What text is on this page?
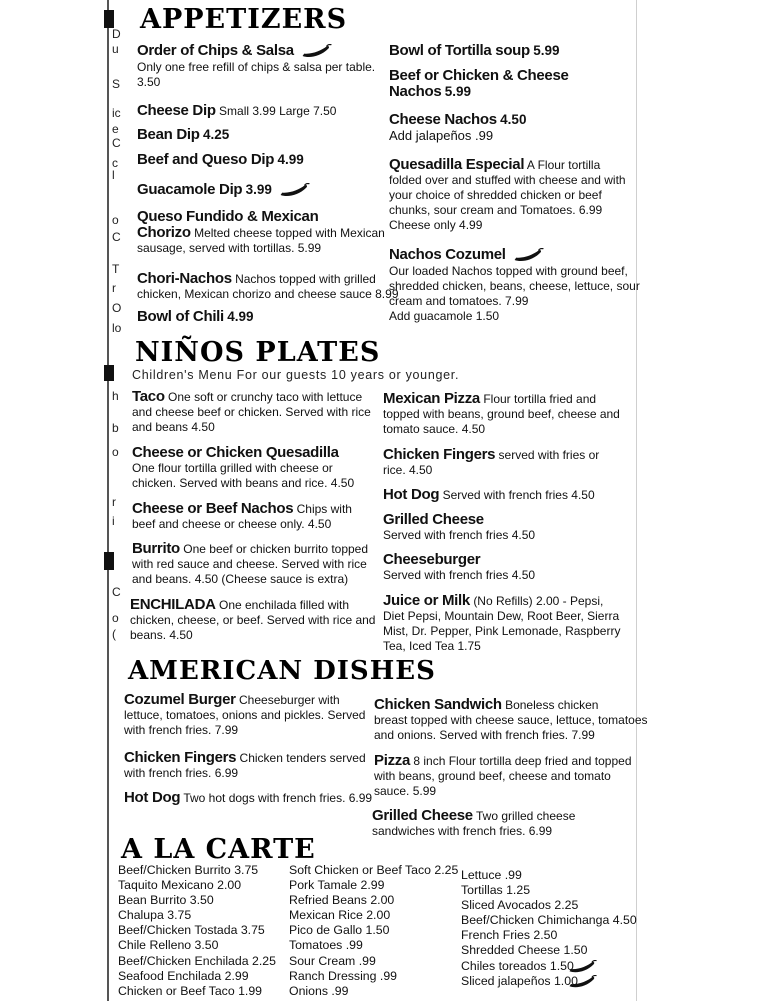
D
u
S
ic
e
C
c
l
o
C
T
r
O
lo
h
b
o
r
i
C
o
(
APPETIZERS
Order of Chips & Salsa
Only one free refill of chips & salsa per table.
3.50
Cheese Dip Small 3.99 Large 7.50
Bean Dip 4.25
Beef and Queso Dip 4.99
Guacamole Dip 3.99
Queso Fundido & Mexican
Chorizo Melted cheese topped with Mexican
sausage, served with tortillas. 5.99
Chori-Nachos Nachos topped with grilled
chicken, Mexican chorizo and cheese sauce 8.99
Bowl of Chili 4.99
Bowl of Tortilla soup 5.99
Beef or Chicken & Cheese
Nachos 5.99
Cheese Nachos 4.50
Add jalapeños .99
Quesadilla Especial A Flour tortilla
folded over and stuffed with cheese and with
your choice of shredded chicken or beef
chunks, sour cream and Tomatoes. 6.99
Cheese only 4.99
Nachos Cozumel
Our loaded Nachos topped with ground beef,
shredded chicken, beans, cheese, lettuce, sour
cream and tomatoes. 7.99
Add guacamole 1.50
NIÑOS PLATES
Children's Menu For our guests 10 years or younger.
Taco One soft or crunchy taco with lettuce
and cheese beef or chicken. Served with rice
and beans 4.50
Cheese or Chicken Quesadilla
One flour tortilla grilled with cheese or
chicken. Served with beans and rice. 4.50
Cheese or Beef Nachos Chips with
beef and cheese or cheese only. 4.50
Burrito One beef or chicken burrito topped
with red sauce and cheese. Served with rice
and beans. 4.50 (Cheese sauce is extra)
ENCHILADA One enchilada filled with
chicken, cheese, or beef. Served with rice and
beans. 4.50
Mexican Pizza Flour tortilla fried and
topped with beans, ground beef, cheese and
tomato sauce. 4.50
Chicken Fingers served with fries or
rice. 4.50
Hot Dog Served with french fries 4.50
Grilled Cheese
Served with french fries 4.50
Cheeseburger
Served with french fries 4.50
Juice or Milk (No Refills) 2.00 - Pepsi,
Diet Pepsi, Mountain Dew, Root Beer, Sierra
Mist, Dr. Pepper, Pink Lemonade, Raspberry
Tea, Iced Tea 1.75
AMERICAN DISHES
Cozumel Burger Cheeseburger with
lettuce, tomatoes, onions and pickles. Served
with french fries. 7.99
Chicken Fingers Chicken tenders served
with french fries. 6.99
Hot Dog Two hot dogs with french fries. 6.99
Chicken Sandwich Boneless chicken
breast topped with cheese sauce, lettuce, tomatoes
and onions. Served with french fries. 7.99
Pizza 8 inch Flour tortilla deep fried and topped
with beans, ground beef, cheese and tomato
sauce. 5.99
Grilled Cheese Two grilled cheese
sandwiches with french fries. 6.99
A LA CARTE
Beef/Chicken Burrito 3.75
Taquito Mexicano 2.00
Bean Burrito 3.50
Chalupa 3.75
Beef/Chicken Tostada 3.75
Chile Relleno 3.50
Beef/Chicken Enchilada 2.25
Seafood Enchilada 2.99
Chicken or Beef Taco 1.99
Soft Chicken or Beef Taco 2.25
Pork Tamale 2.99
Refried Beans 2.00
Mexican Rice 2.00
Pico de Gallo 1.50
Tomatoes .99
Sour Cream .99
Ranch Dressing .99
Onions .99
Lettuce .99
Tortillas 1.25
Sliced Avocados 2.25
Beef/Chicken Chimichanga 4.50
French Fries 2.50
Shredded Cheese 1.50
Chiles toreados 1.50
Sliced jalapeños 1.00
